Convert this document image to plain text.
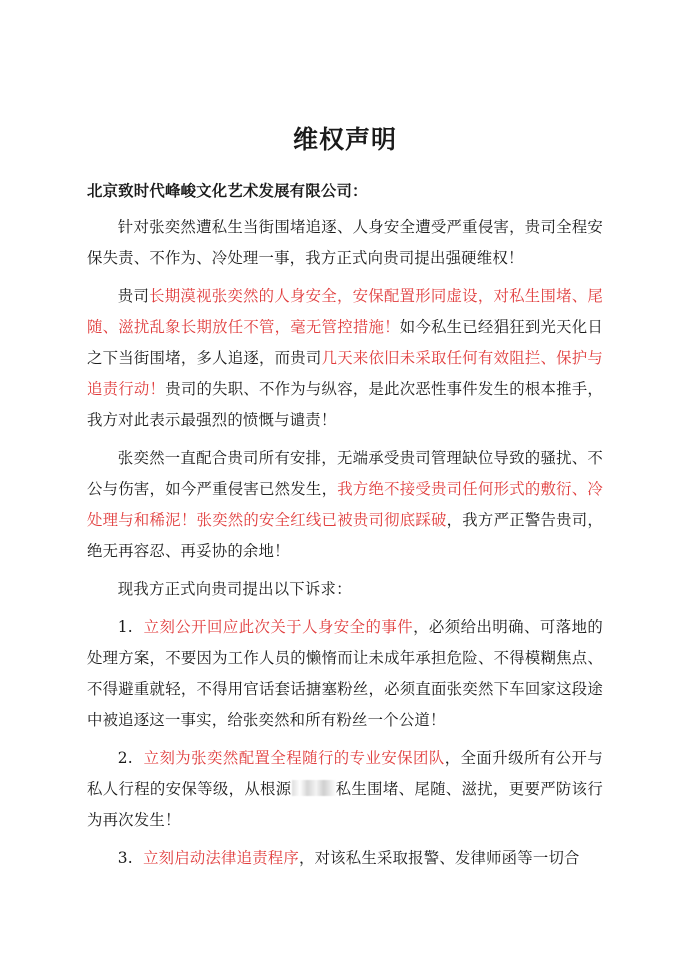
维权声明

北京致时代峰峻文化艺术发展有限公司：

针对张奕然遭私生当街围堵追逐、人身安全遭受严重侵害，贵司全程安保失责、不作为、冷处理一事，我方正式向贵司提出强硬维权！

贵司长期漠视张奕然的人身安全，安保配置形同虚设，对私生围堵、尾随、滋扰乱象长期放任不管，毫无管控措施！如今私生已经猖狂到光天化日之下当街围堵，多人追逐，而贵司几天来依旧未采取任何有效阻拦、保护与追责行动！贵司的失职、不作为与纵容，是此次恶性事件发生的根本推手，我方对此表示最强烈的愤慨与谴责！

张奕然一直配合贵司所有安排，无端承受贵司管理缺位导致的骚扰、不公与伤害，如今严重侵害已然发生，我方绝不接受贵司任何形式的敷衍、冷处理与和稀泥！张奕然的安全红线已被贵司彻底踩破，我方严正警告贵司，绝无再容忍、再妥协的余地！

现我方正式向贵司提出以下诉求：

1. 立刻公开回应此次关于人身安全的事件，必须给出明确、可落地的处理方案，不要因为工作人员的懒惰而让未成年承担危险、不得模糊焦点、不得避重就轻，不得用官话套话搪塞粉丝，必须直面张奕然下车回家这段途中被追逐这一事实，给张奕然和所有粉丝一个公道！

2. 立刻为张奕然配置全程随行的专业安保团队，全面升级所有公开与私人行程的安保等级，从根源	私生围堵、尾随、滋扰，更要严防该行为再次发生！

3. 立刻启动法律追责程序，对该私生采取报警、发律师函等一切合
